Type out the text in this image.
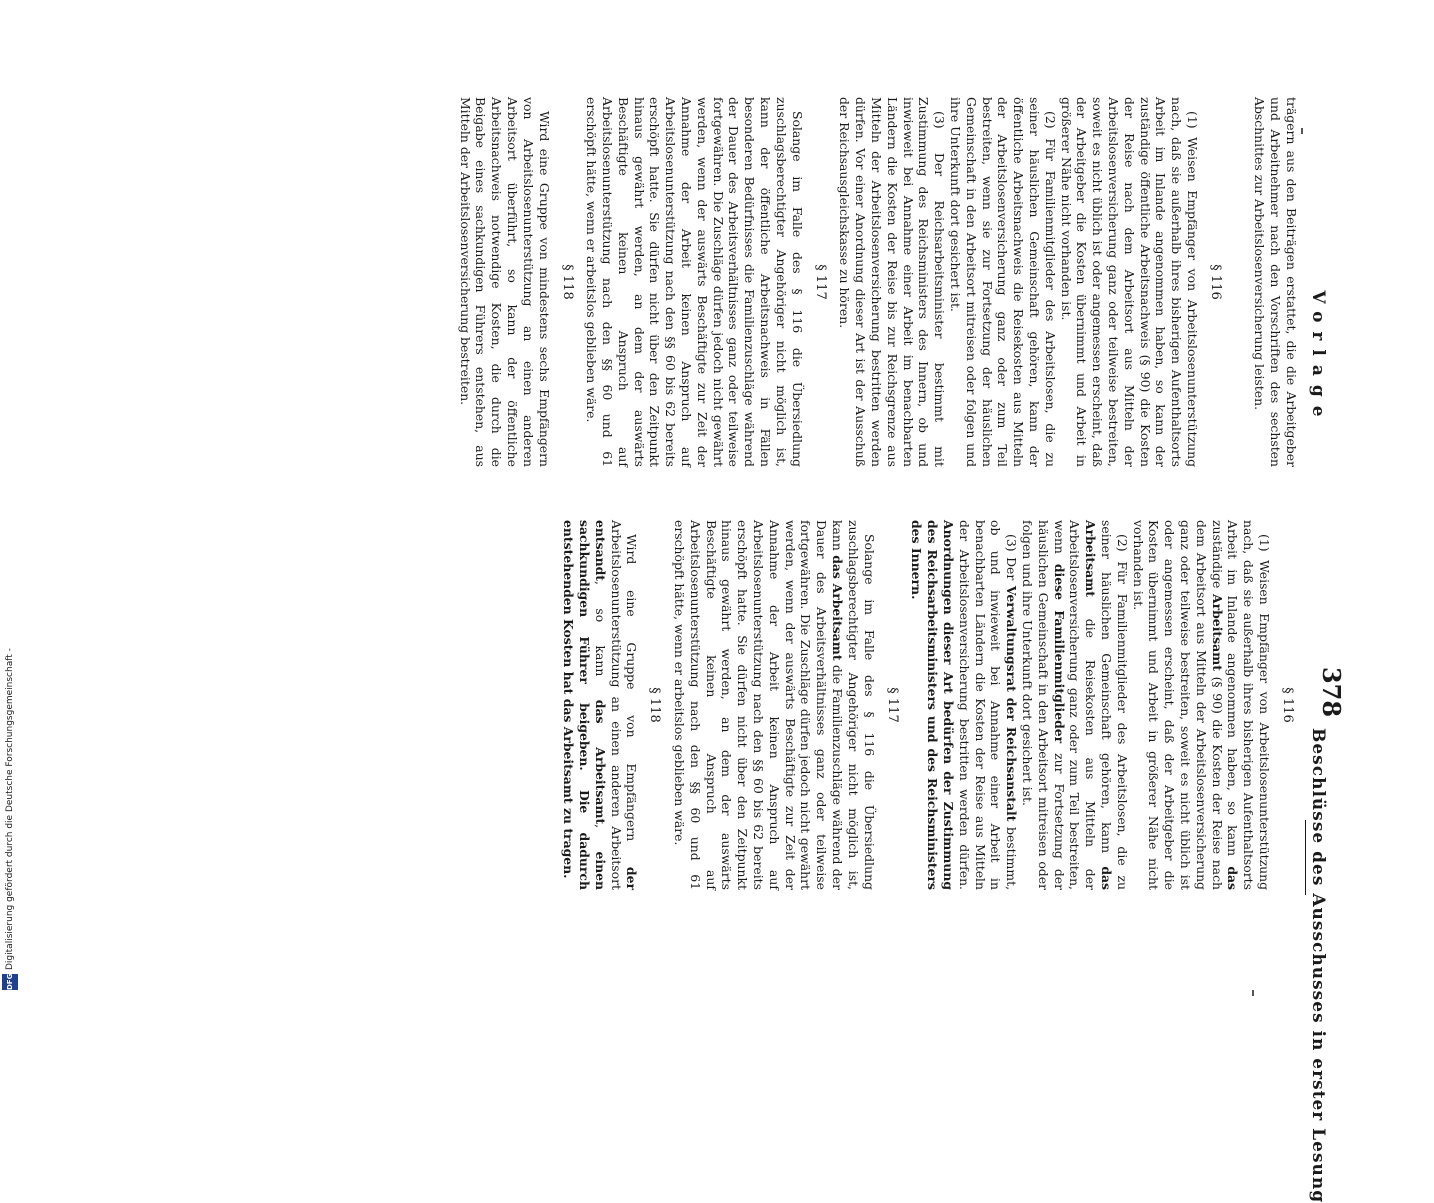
Vorlage
378
Beschlüsse des Ausschusses in erster Lesung

trägern aus den Beiträgen erstattet, die die Arbeitgeber und Arbeitnehmer nach den Vorschriften des sechsten Abschnittes zur Arbeitslosenversicherung leisten.

§ 116

(1) Weisen Empfänger von Arbeitslosenunterstützung nach, daß sie außerhalb ihres bisherigen Aufenthaltsorts Arbeit im Inlande angenommen haben, so kann der zuständige öffentliche Arbeitsnachweis (§ 90) die Kosten der Reise nach dem Arbeitsort aus Mitteln der Arbeitslosenversicherung ganz oder teilweise bestreiten, soweit es nicht üblich ist oder angemessen erscheint, daß der Arbeitgeber die Kosten übernimmt und Arbeit in größerer Nähe nicht vorhanden ist.

(2) Für Familienmitglieder des Arbeitslosen, die zu seiner häuslichen Gemeinschaft gehören, kann der öffentliche Arbeitsnachweis die Reisekosten aus Mitteln der Arbeitslosenversicherung ganz oder zum Teil bestreiten, wenn sie zur Fortsetzung der häuslichen Gemeinschaft in den Arbeitsort mitreisen oder folgen und ihre Unterkunft dort gesichert ist.

(3) Der Reichsarbeitsminister bestimmt mit Zustimmung des Reichsministers des Innern, ob und inwieweit bei Annahme einer Arbeit im benachbarten Ländern die Kosten der Reise bis zur Reichsgrenze aus Mitteln der Arbeitslosenversicherung bestritten werden dürfen. Vor einer Anordnung dieser Art ist der Ausschuß der Reichsausgleichskasse zu hören.

§ 117

Solange im Falle des § 116 die Übersiedlung zuschlagsberechtigter Angehöriger nicht möglich ist, kann der öffentliche Arbeitsnachweis in Fällen besonderen Bedürfnisses die Familienzuschläge während der Dauer des Arbeitsverhältnisses ganz oder teilweise fortgewähren. Die Zuschläge dürfen jedoch nicht gewährt werden, wenn der auswärts Beschäftigte zur Zeit der Annahme der Arbeit keinen Anspruch auf Arbeitslosenunterstützung nach den §§ 60 bis 62 bereits erschöpft hatte. Sie dürfen nicht über den Zeitpunkt hinaus gewährt werden, an dem der auswärts Beschäftigte keinen Anspruch auf Arbeitslosenunterstützung nach den §§ 60 und 61 erschöpft hätte, wenn er arbeitslos geblieben wäre.

§ 118

Wird eine Gruppe von mindestens sechs Empfängern von Arbeitslosenunterstützung an einen anderen Arbeitsort überführt, so kann der öffentliche Arbeitsnachweis notwendige Kosten, die durch die Beigabe eines sachkundigen Führers entstehen, aus Mitteln der Arbeitslosenversicherung bestreiten.

§ 116

(1) Weisen Empfänger von Arbeitslosenunterstützung nach, daß sie außerhalb ihres bisherigen Aufenthaltsorts Arbeit im Inlande angenommen haben, so kann das zuständige Arbeitsamt (§ 90) die Kosten der Reise nach dem Arbeitsort aus Mitteln der Arbeitslosenversicherung ganz oder teilweise bestreiten, soweit es nicht üblich ist oder angemessen erscheint, daß der Arbeitgeber die Kosten übernimmt und Arbeit in größerer Nähe nicht vorhanden ist.

(2) Für Familienmitglieder des Arbeitslosen, die zu seiner häuslichen Gemeinschaft gehören, kann das Arbeitsamt die Reisekosten aus Mitteln der Arbeitslosenversicherung ganz oder zum Teil bestreiten, wenn diese Familienmitglieder zur Fortsetzung der häuslichen Gemeinschaft in den Arbeitsort mitreisen oder folgen und ihre Unterkunft dort gesichert ist.

(3) Der Verwaltungsrat der Reichsanstalt bestimmt, ob und inwieweit bei Annahme einer Arbeit in benachbarten Ländern die Kosten der Reise aus Mitteln der Arbeitslosenversicherung bestritten werden dürfen. Anordnungen dieser Art bedürfen der Zustimmung des Reichsarbeitsministers und des Reichsministers des Innern.

§ 117

Solange im Falle des § 116 die Übersiedlung zuschlagsberechtigter Angehöriger nicht möglich ist, kann das Arbeitsamt die Familienzuschläge während der Dauer des Arbeitsverhältnisses ganz oder teilweise fortgewähren. Die Zuschläge dürfen jedoch nicht gewährt werden, wenn der auswärts Beschäftigte zur Zeit der Annahme der Arbeit keinen Anspruch auf Arbeitslosenunterstützung nach den §§ 60 bis 62 bereits erschöpft hatte. Sie dürfen nicht über den Zeitpunkt hinaus gewährt werden, an dem der auswärts Beschäftigte keinen Anspruch auf Arbeitslosenunterstützung nach den §§ 60 und 61 erschöpft hätte, wenn er arbeitslos geblieben wäre.

§ 118

Wird eine Gruppe von Empfängern der Arbeitslosenunterstützung an einen anderen Arbeitsort entsandt, so kann das Arbeitsamt, einen sachkundigen Führer beigeben. Die dadurch entstehenden Kosten hat das Arbeitsamt zu tragen.

DFG
Digitalisierung gefördert durch die Deutsche Forschungsgemeinschaft -
